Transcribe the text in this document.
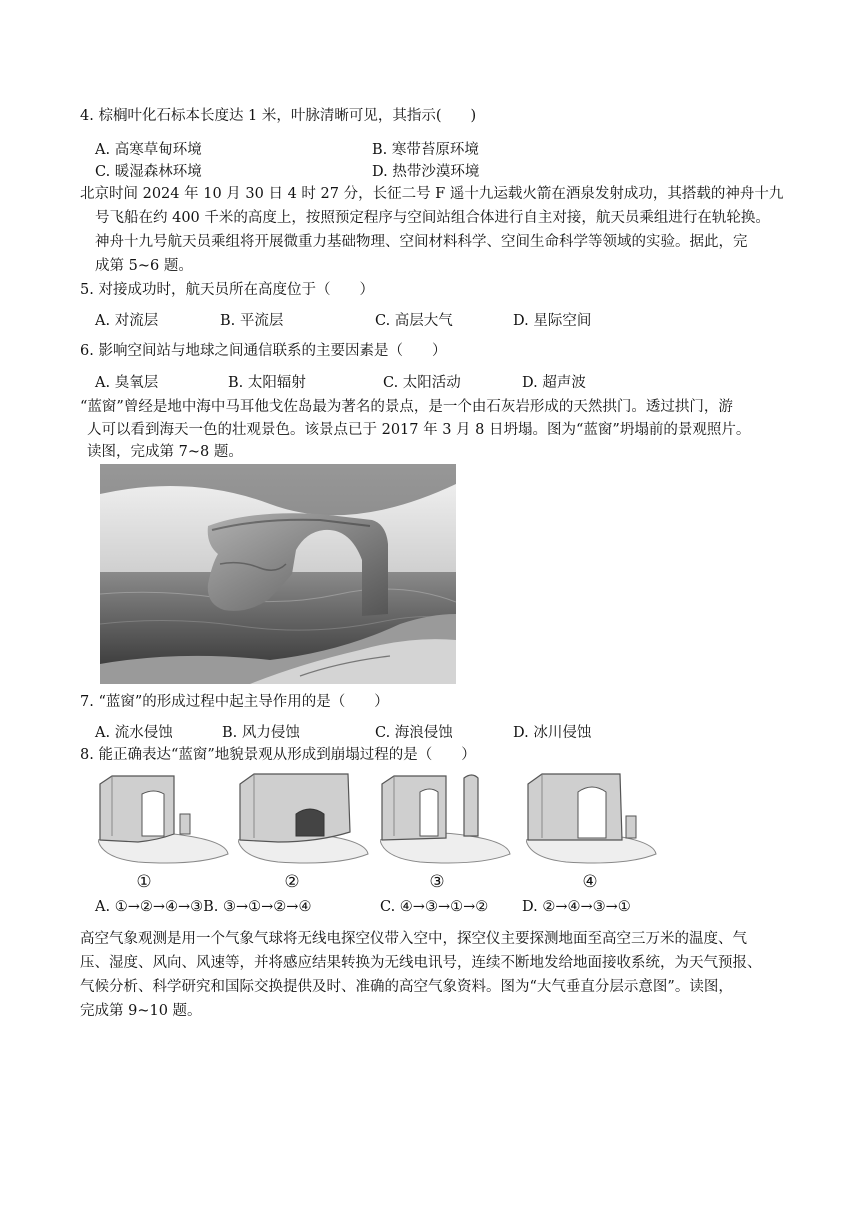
4. 棕榈叶化石标本长度达 1 米，叶脉清晰可见，其指示(　　)
A. 高寒草甸环境	B. 寒带苔原环境
C. 暖湿森林环境	D. 热带沙漠环境
北京时间 2024 年 10 月 30 日 4 时 27 分，长征二号 F 遥十九运载火箭在酒泉发射成功，其搭载的神舟十九
号飞船在约 400 千米的高度上，按照预定程序与空间站组合体进行自主对接，航天员乘组进行在轨轮换。
神舟十九号航天员乘组将开展微重力基础物理、空间材料科学、空间生命科学等领域的实验。据此，完
成第 5~6 题。
5. 对接成功时，航天员所在高度位于（　　）
A. 对流层	B. 平流层	C. 高层大气	D. 星际空间
6. 影响空间站与地球之间通信联系的主要因素是（　　）
A. 臭氧层	B. 太阳辐射	C. 太阳活动	D. 超声波
“蓝窗”曾经是地中海中马耳他戈佐岛最为著名的景点，是一个由石灰岩形成的天然拱门。透过拱门，游
人可以看到海天一色的壮观景色。该景点已于 2017 年 3 月 8 日坍塌。图为“蓝窗”坍塌前的景观照片。
读图，完成第 7~8 题。
7. “蓝窗”的形成过程中起主导作用的是（　　）
A. 流水侵蚀	B. 风力侵蚀	C. 海浪侵蚀	D. 冰川侵蚀
8. 能正确表达“蓝窗”地貌景观从形成到崩塌过程的是（　　）
①	②	③	④
A. ①→②→④→③B. ③→①→②→④	C. ④→③→①→② D. ②→④→③→①
高空气象观测是用一个气象气球将无线电探空仪带入空中，探空仪主要探测地面至高空三万米的温度、气
压、湿度、风向、风速等，并将感应结果转换为无线电讯号，连续不断地发给地面接收系统，为天气预报、
气候分析、科学研究和国际交换提供及时、准确的高空气象资料。图为“大气垂直分层示意图”。读图，
完成第 9~10 题。
